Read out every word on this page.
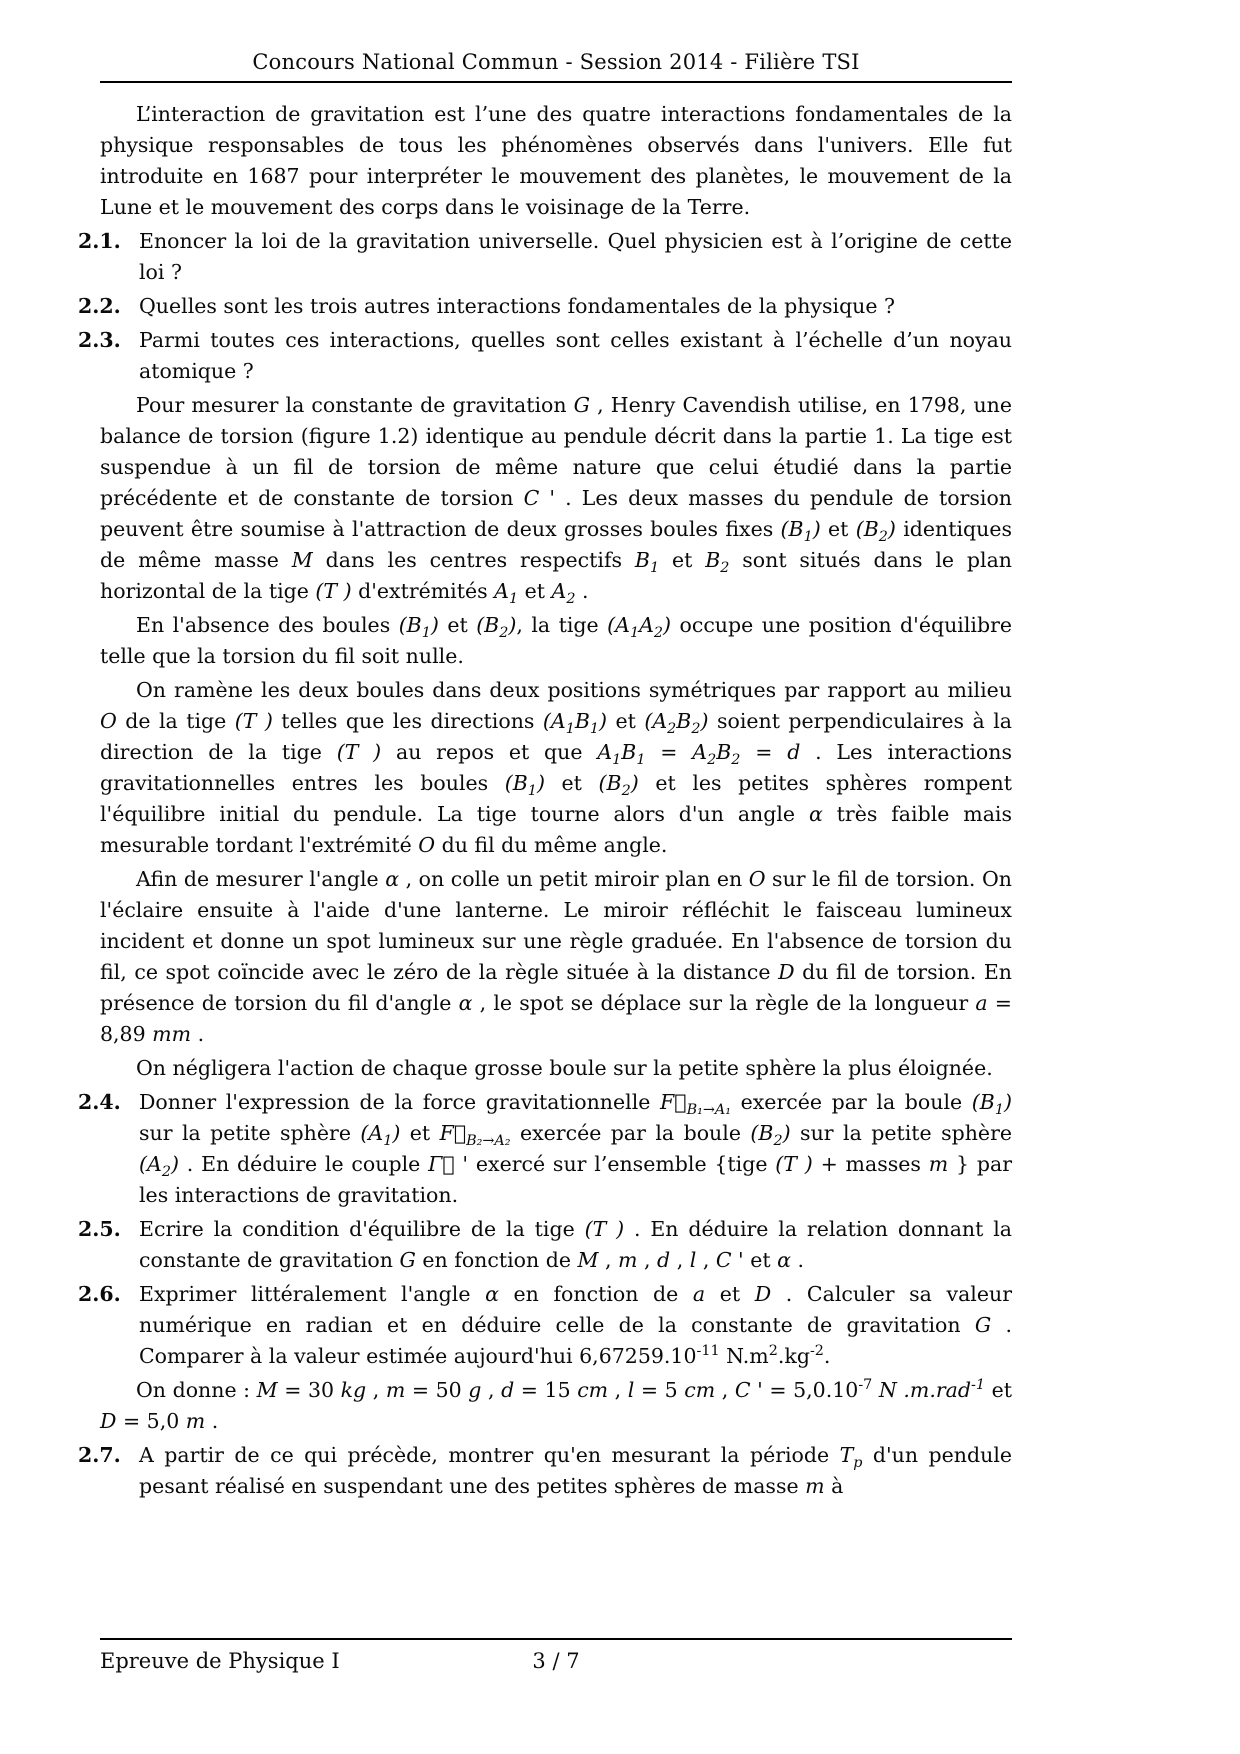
Concours National Commun - Session 2014 - Filière TSI
L’interaction de gravitation est l’une des quatre interactions fondamentales de la physique responsables de tous les phénomènes observés dans l'univers. Elle fut introduite en 1687 pour interpréter le mouvement des planètes, le mouvement de la Lune et le mouvement des corps dans le voisinage de la Terre.
2.1. Enoncer la loi de la gravitation universelle. Quel physicien est à l’origine de cette loi ?
2.2. Quelles sont les trois autres interactions fondamentales de la physique ?
2.3. Parmi toutes ces interactions, quelles sont celles existant à l’échelle d’un noyau atomique ?
Pour mesurer la constante de gravitation G , Henry Cavendish utilise, en 1798, une balance de torsion (figure 1.2) identique au pendule décrit dans la partie 1. La tige est suspendue à un fil de torsion de même nature que celui étudié dans la partie précédente et de constante de torsion C ' . Les deux masses du pendule de torsion peuvent être soumise à l'attraction de deux grosses boules fixes $(B_1)$ et $(B_2)$ identiques de même masse M dans les centres respectifs $B_1$ et $B_2$ sont situés dans le plan horizontal de la tige (T ) d'extrémités $A_1$ et $A_2$ .
En l'absence des boules $(B_1)$ et $(B_2)$, la tige $(A_1A_2)$ occupe une position d'équilibre telle que la torsion du fil soit nulle.
On ramène les deux boules dans deux positions symétriques par rapport au milieu O de la tige (T ) telles que les directions $(A_1B_1)$ et $(A_2B_2)$ soient perpendiculaires à la direction de la tige (T ) au repos et que $A_1B_1 = A_2B_2 = d$ . Les interactions gravitationnelles entres les boules $(B_1)$ et $(B_2)$ et les petites sphères rompent l'équilibre initial du pendule. La tige tourne alors d'un angle α très faible mais mesurable tordant l'extrémité O du fil du même angle.
Afin de mesurer l'angle α , on colle un petit miroir plan en O sur le fil de torsion. On l'éclaire ensuite à l'aide d'une lanterne. Le miroir réfléchit le faisceau lumineux incident et donne un spot lumineux sur une règle graduée. En l'absence de torsion du fil, ce spot coïncide avec le zéro de la règle située à la distance D du fil de torsion. En présence de torsion du fil d'angle α , le spot se déplace sur la règle de la longueur a = 8,89 mm .
On négligera l'action de chaque grosse boule sur la petite sphère la plus éloignée.
2.4. Donner l'expression de la force gravitationnelle $F⃗_{B_1\to A_1}$ exercée par la boule $(B_1)$ sur la petite sphère $(A_1)$ et $F⃗_{B_2\to A_2}$ exercée par la boule $(B_2)$ sur la petite sphère $(A_2)$ . En déduire le couple Γ⃗ ' exercé sur l’ensemble {tige (T ) + masses m } par les interactions de gravitation.
2.5. Ecrire la condition d'équilibre de la tige (T ) . En déduire la relation donnant la constante de gravitation G en fonction de M , m , d , l , C ' et α .
2.6. Exprimer littéralement l'angle α en fonction de a et D . Calculer sa valeur numérique en radian et en déduire celle de la constante de gravitation G . Comparer à la valeur estimée aujourd'hui $6,67259.10^{-11}$ $N.m^2.kg^{-2}$.
On donne : M = 30 kg , m = 50 g , d = 15 cm , l = 5 cm , C ' = $5,0.10^{-7}$ N .m.rad$^{-1}$ et D = 5,0 m .
2.7. A partir de ce qui précède, montrer qu'en mesurant la période $T_p$ d'un pendule pesant réalisé en suspendant une des petites sphères de masse m à
Epreuve de Physique I	3 / 7
